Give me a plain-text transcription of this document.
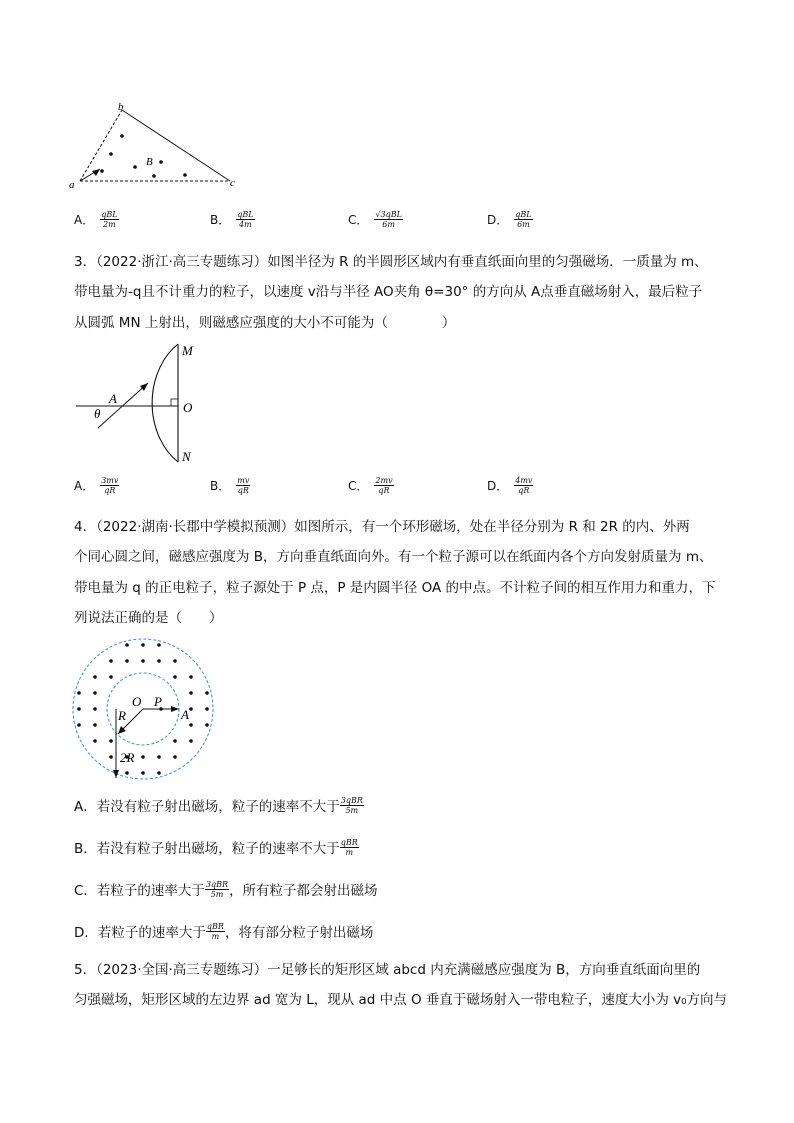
b
a	c
B
A． $\frac{\text{qBL}}{2m}$	B． $\frac{\text{qBL}}{4m}$	C． $\frac{\text{√3qBL}}{6m}$	D． $\frac{\text{qBL}}{6m}$
3．（2022·浙江·高三专题练习）如图半径为 R 的半圆形区域内有垂直纸面向里的匀强磁场．一质量为 m、
带电量为-q且不计重力的粒子，以速度 v沿与半径 AO夹角 θ=30° 的方向从 A点垂直磁场射入，最后粒子
从圆弧 MN 上射出，则磁感应强度的大小不可能为（　　　　）
M
N
O
A
θ
A． $\frac{3mv}{qR}$	B． $\frac{mv}{qR}$	C． $\frac{2mv}{qR}$	D． $\frac{4mv}{qR}$
4．（2022·湖南·长郡中学模拟预测）如图所示，有一个环形磁场，处在半径分别为 R 和 2R 的内、外两
个同心圆之间，磁感应强度为 B，方向垂直纸面向外。有一个粒子源可以在纸面内各个方向发射质量为 m、
带电量为 q 的正电粒子，粒子源处于 P 点，P 是内圆半径 OA 的中点。不计粒子间的相互作用力和重力，下
列说法正确的是（　　）
O P
A
R
2R
A．若没有粒子射出磁场，粒子的速率不大于 $\frac{\text{3qBR}}{5m}$
B．若没有粒子射出磁场，粒子的速率不大于 $\frac{\text{qBR}}{m}$
C．若粒子的速率大于 $\frac{\text{3qBR}}{5m}$ ，所有粒子都会射出磁场
D．若粒子的速率大于 $\frac{\text{qBR}}{m}$ ，将有部分粒子射出磁场
5．（2023·全国·高三专题练习）一足够长的矩形区域 abcd 内充满磁感应强度为 B，方向垂直纸面向里的
匀强磁场，矩形区域的左边界 ad 宽为 L，现从 ad 中点 O 垂直于磁场射入一带电粒子，速度大小为 v₀方向与
